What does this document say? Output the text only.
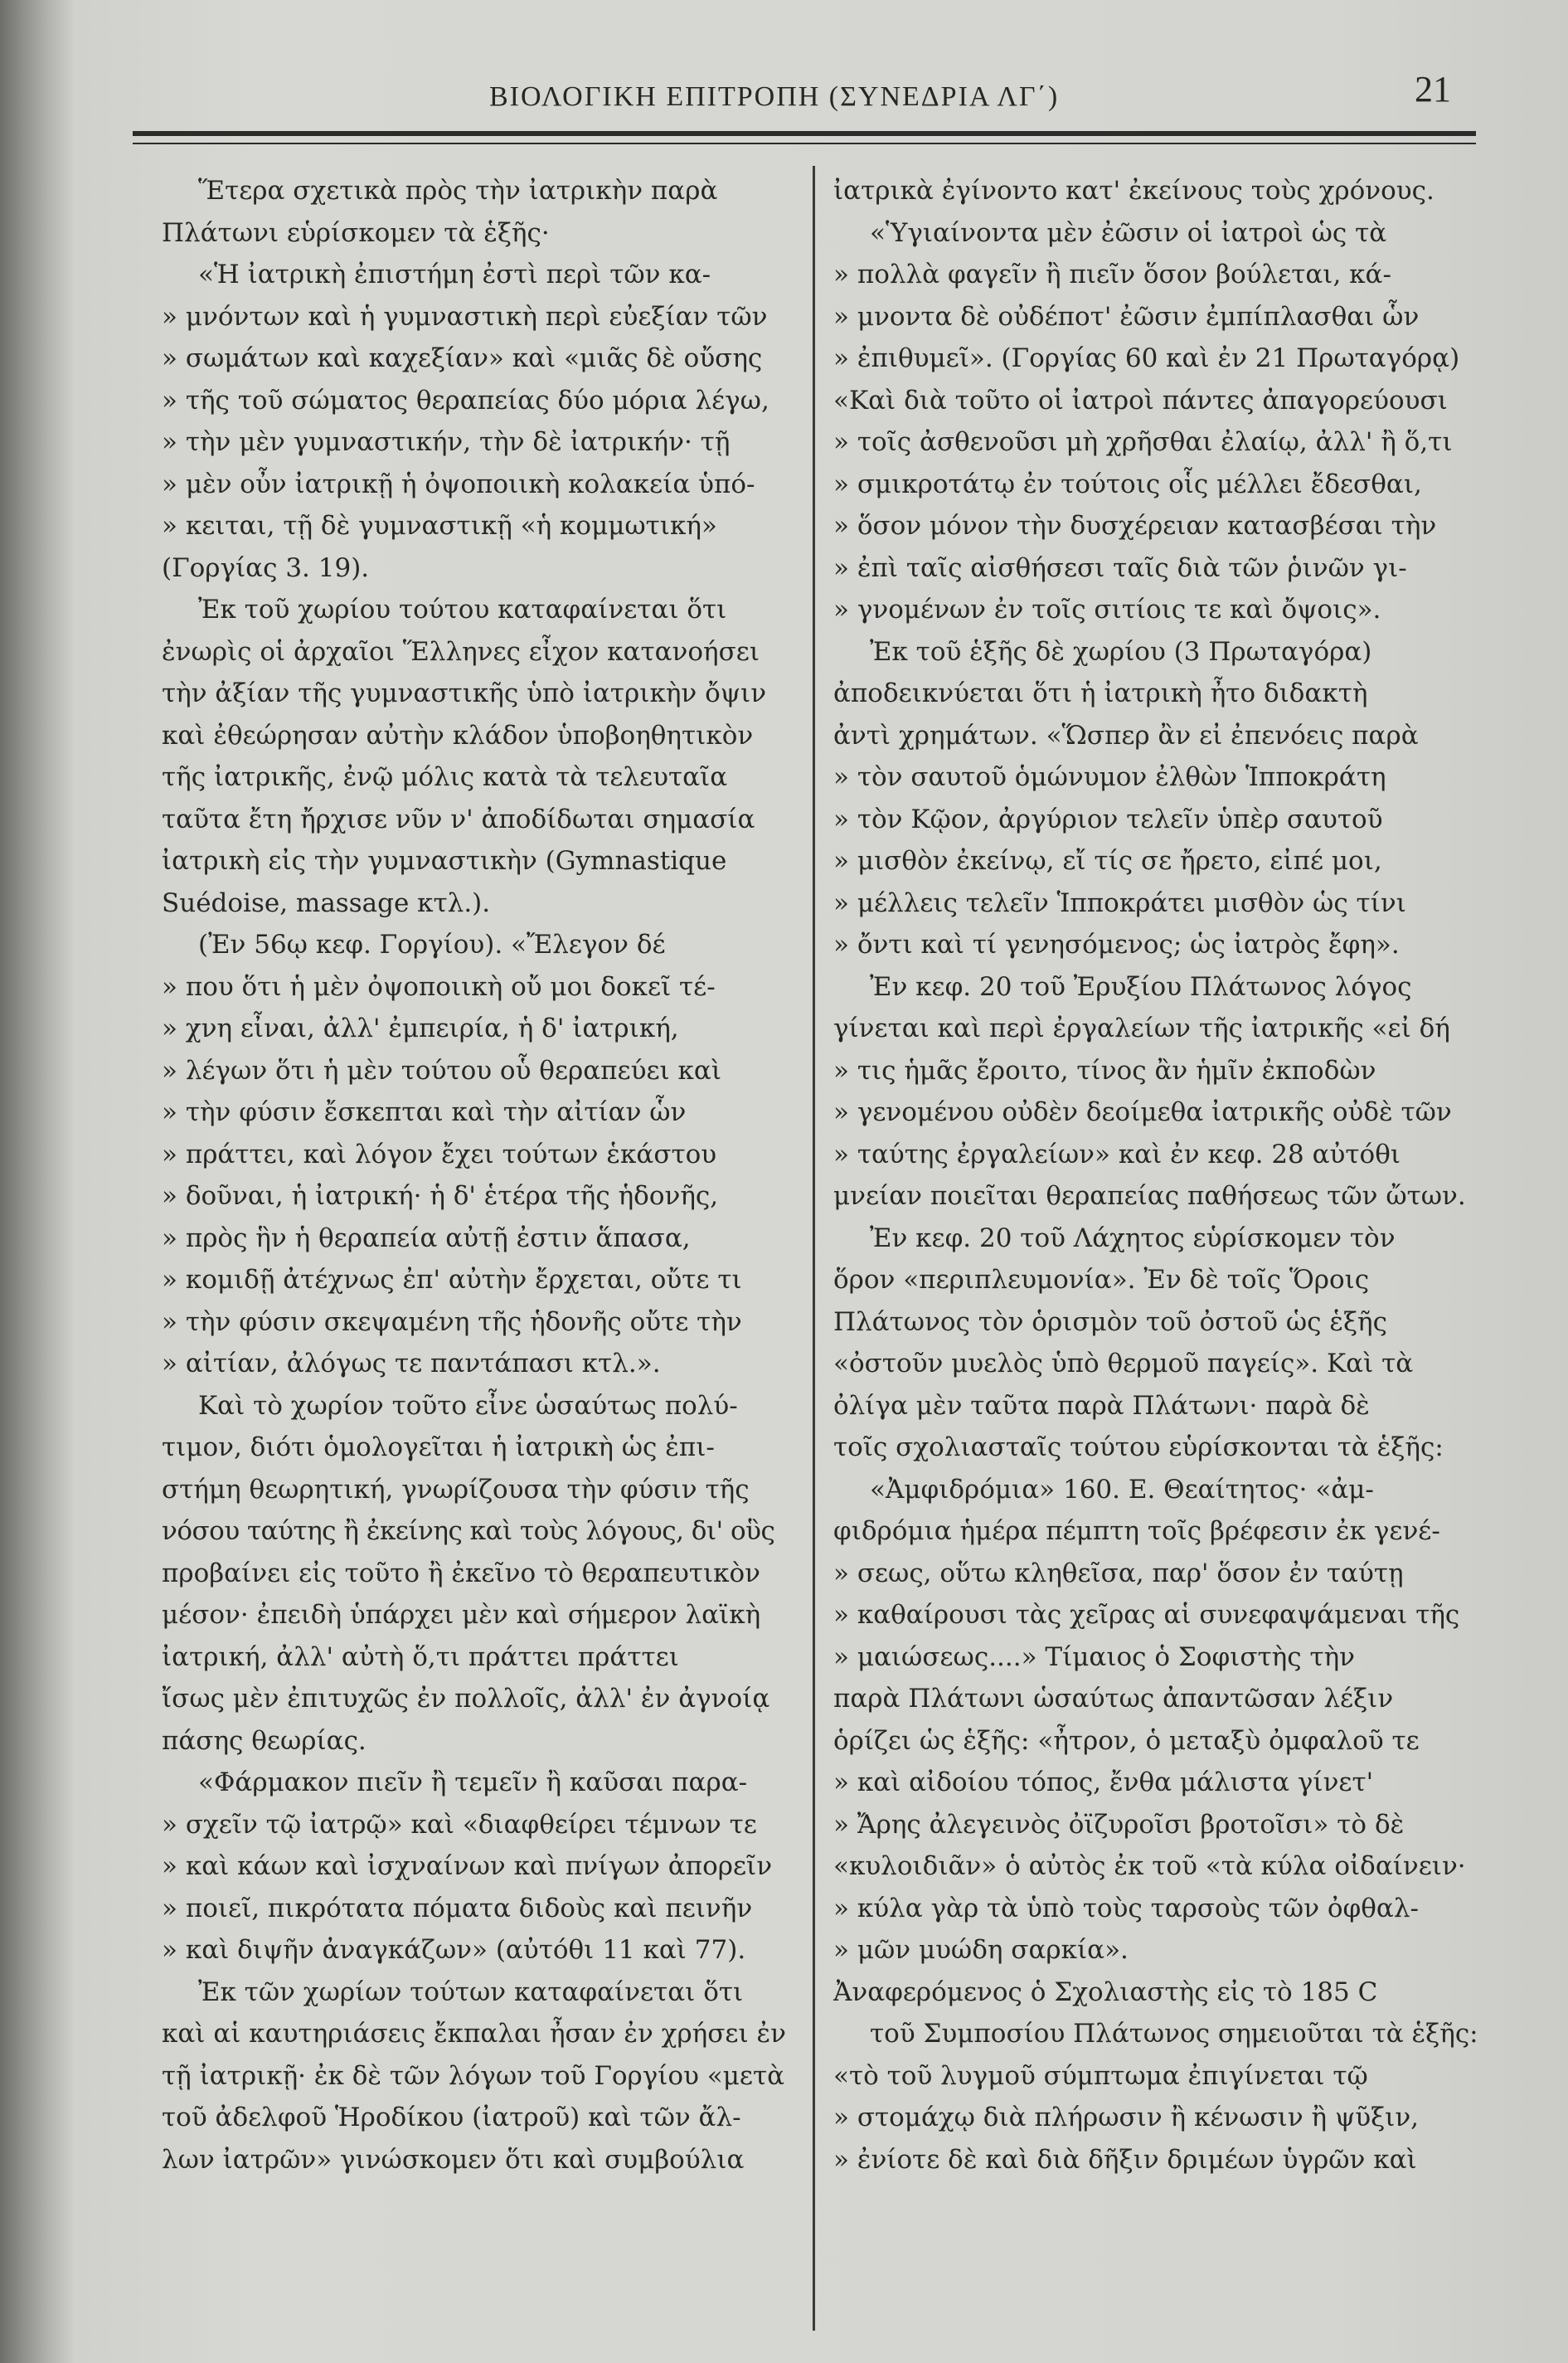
ΒΙΟΛΟΓΙΚΗ ΕΠΙΤΡΟΠΗ (ΣΥΝΕΔΡΙΑ ΛΓ΄)	21
Ἕτερα σχετικὰ πρὸς τὴν ἰατρικὴν παρὰ
Πλάτωνι εὑρίσκομεν τὰ ἑξῆς·
«Ἡ ἰατρικὴ ἐπιστήμη ἐστὶ περὶ τῶν κα-
» μνόντων καὶ ἡ γυμναστικὴ περὶ εὐεξίαν τῶν
» σωμάτων καὶ καχεξίαν» καὶ «μιᾶς δὲ οὔσης
» τῆς τοῦ σώματος θεραπείας δύο μόρια λέγω,
» τὴν μὲν γυμναστικήν, τὴν δὲ ἰατρικήν· τῇ
» μὲν οὖν ἰατρικῇ ἡ ὀψοποιικὴ κολακεία ὑπό-
» κειται, τῇ δὲ γυμναστικῇ «ἡ κομμωτική»
(Γοργίας 3. 19).
Ἐκ τοῦ χωρίου τούτου καταφαίνεται ὅτι
ἐνωρὶς οἱ ἀρχαῖοι Ἕλληνες εἶχον κατανοήσει
τὴν ἀξίαν τῆς γυμναστικῆς ὑπὸ ἰατρικὴν ὄψιν
καὶ ἐθεώρησαν αὐτὴν κλάδον ὑποβοηθητικὸν
τῆς ἰατρικῆς, ἐνῷ μόλις κατὰ τὰ τελευταῖα
ταῦτα ἔτη ἤρχισε νῦν ν' ἀποδίδωται σημασία
ἰατρικὴ εἰς τὴν γυμναστικὴν (Gymnastique
Suédoise, massage κτλ.).
(Ἐν 56ῳ κεφ. Γοργίου). «Ἔλεγον δέ
» που ὅτι ἡ μὲν ὀψοποιικὴ οὔ μοι δοκεῖ τέ-
» χνη εἶναι, ἀλλ' ἐμπειρία, ἡ δ' ἰατρική,
» λέγων ὅτι ἡ μὲν τούτου οὗ θεραπεύει καὶ
» τὴν φύσιν ἔσκεπται καὶ τὴν αἰτίαν ὧν
» πράττει, καὶ λόγον ἔχει τούτων ἑκάστου
» δοῦναι, ἡ ἰατρική· ἡ δ' ἑτέρα τῆς ἡδονῆς,
» πρὸς ἣν ἡ θεραπεία αὐτῇ ἐστιν ἅπασα,
» κομιδῇ ἀτέχνως ἐπ' αὐτὴν ἔρχεται, οὔτε τι
» τὴν φύσιν σκεψαμένη τῆς ἡδονῆς οὔτε τὴν
» αἰτίαν, ἀλόγως τε παντάπασι κτλ.».
Καὶ τὸ χωρίον τοῦτο εἶνε ὡσαύτως πολύ-
τιμον, διότι ὁμολογεῖται ἡ ἰατρικὴ ὡς ἐπι-
στήμη θεωρητική, γνωρίζουσα τὴν φύσιν τῆς
νόσου ταύτης ἢ ἐκείνης καὶ τοὺς λόγους, δι' οὓς
προβαίνει εἰς τοῦτο ἢ ἐκεῖνο τὸ θεραπευτικὸν
μέσον· ἐπειδὴ ὑπάρχει μὲν καὶ σήμερον λαϊκὴ
ἰατρική, ἀλλ' αὐτὴ ὅ,τι πράττει πράττει
ἴσως μὲν ἐπιτυχῶς ἐν πολλοῖς, ἀλλ' ἐν ἀγνοίᾳ
πάσης θεωρίας.
«Φάρμακον πιεῖν ἢ τεμεῖν ἢ καῦσαι παρα-
» σχεῖν τῷ ἰατρῷ» καὶ «διαφθείρει τέμνων τε
» καὶ κάων καὶ ἰσχναίνων καὶ πνίγων ἀπορεῖν
» ποιεῖ, πικρότατα πόματα διδοὺς καὶ πεινῆν
» καὶ διψῆν ἀναγκάζων» (αὐτόθι 11 καὶ 77).
Ἐκ τῶν χωρίων τούτων καταφαίνεται ὅτι
καὶ αἱ καυτηριάσεις ἔκπαλαι ἦσαν ἐν χρήσει ἐν
τῇ ἰατρικῇ· ἐκ δὲ τῶν λόγων τοῦ Γοργίου «μετὰ
τοῦ ἀδελφοῦ Ἡροδίκου (ἰατροῦ) καὶ τῶν ἄλ-
λων ἰατρῶν» γινώσκομεν ὅτι καὶ συμβούλια
ἰατρικὰ ἐγίνοντο κατ' ἐκείνους τοὺς χρόνους.
«Ὑγιαίνοντα μὲν ἐῶσιν οἱ ἰατροὶ ὡς τὰ
» πολλὰ φαγεῖν ἢ πιεῖν ὅσον βούλεται, κά-
» μνοντα δὲ οὐδέποτ' ἐῶσιν ἐμπίπλασθαι ὧν
» ἐπιθυμεῖ». (Γοργίας 60 καὶ ἐν 21 Πρωταγόρᾳ)
«Καὶ διὰ τοῦτο οἱ ἰατροὶ πάντες ἀπαγορεύουσι
» τοῖς ἀσθενοῦσι μὴ χρῆσθαι ἐλαίῳ, ἀλλ' ἢ ὅ,τι
» σμικροτάτῳ ἐν τούτοις οἷς μέλλει ἔδεσθαι,
» ὅσον μόνον τὴν δυσχέρειαν κατασβέσαι τὴν
» ἐπὶ ταῖς αἰσθήσεσι ταῖς διὰ τῶν ῥινῶν γι-
» γνομένων ἐν τοῖς σιτίοις τε καὶ ὄψοις».
Ἐκ τοῦ ἑξῆς δὲ χωρίου (3 Πρωταγόρα)
ἀποδεικνύεται ὅτι ἡ ἰατρικὴ ἦτο διδακτὴ
ἀντὶ χρημάτων. «Ὥσπερ ἂν εἰ ἐπενόεις παρὰ
» τὸν σαυτοῦ ὁμώνυμον ἐλθὼν Ἱπποκράτη
» τὸν Κῷον, ἀργύριον τελεῖν ὑπὲρ σαυτοῦ
» μισθὸν ἐκείνῳ, εἴ τίς σε ἤρετο, εἰπέ μοι,
» μέλλεις τελεῖν Ἱπποκράτει μισθὸν ὡς τίνι
» ὄντι καὶ τί γενησόμενος; ὡς ἰατρὸς ἔφη».
Ἐν κεφ. 20 τοῦ Ἐρυξίου Πλάτωνος λόγος
γίνεται καὶ περὶ ἐργαλείων τῆς ἰατρικῆς «εἰ δή
» τις ἡμᾶς ἔροιτο, τίνος ἂν ἡμῖν ἐκποδὼν
» γενομένου οὐδὲν δεοίμεθα ἰατρικῆς οὐδὲ τῶν
» ταύτης ἐργαλείων» καὶ ἐν κεφ. 28 αὐτόθι
μνείαν ποιεῖται θεραπείας παθήσεως τῶν ὤτων.
Ἐν κεφ. 20 τοῦ Λάχητος εὑρίσκομεν τὸν
ὅρον «περιπλευμονία». Ἐν δὲ τοῖς Ὅροις
Πλάτωνος τὸν ὁρισμὸν τοῦ ὀστοῦ ὡς ἑξῆς
«ὀστοῦν μυελὸς ὑπὸ θερμοῦ παγείς». Καὶ τὰ
ὀλίγα μὲν ταῦτα παρὰ Πλάτωνι· παρὰ δὲ
τοῖς σχολιασταῖς τούτου εὑρίσκονται τὰ ἑξῆς:
«Ἀμφιδρόμια» 160. Ε. Θεαίτητος· «ἀμ-
φιδρόμια ἡμέρα πέμπτη τοῖς βρέφεσιν ἐκ γενέ-
» σεως, οὕτω κληθεῖσα, παρ' ὅσον ἐν ταύτῃ
» καθαίρουσι τὰς χεῖρας αἱ συνεφαψάμεναι τῆς
» μαιώσεως....» Τίμαιος ὁ Σοφιστὴς τὴν
παρὰ Πλάτωνι ὡσαύτως ἀπαντῶσαν λέξιν
ὁρίζει ὡς ἑξῆς: «ἦτρον, ὁ μεταξὺ ὀμφαλοῦ τε
» καὶ αἰδοίου τόπος, ἔνθα μάλιστα γίνετ'
» Ἄρης ἀλεγεινὸς ὀϊζυροῖσι βροτοῖσι» τὸ δὲ
«κυλοιδιᾶν» ὁ αὐτὸς ἐκ τοῦ «τὰ κύλα οἰδαίνειν·
» κύλα γὰρ τὰ ὑπὸ τοὺς ταρσοὺς τῶν ὀφθαλ-
» μῶν μυώδη σαρκία».
Ἀναφερόμενος ὁ Σχολιαστὴς εἰς τὸ 185 C
τοῦ Συμποσίου Πλάτωνος σημειοῦται τὰ ἑξῆς:
«τὸ τοῦ λυγμοῦ σύμπτωμα ἐπιγίνεται τῷ
» στομάχῳ διὰ πλήρωσιν ἢ κένωσιν ἢ ψῦξιν,
» ἐνίοτε δὲ καὶ διὰ δῆξιν δριμέων ὑγρῶν καὶ
